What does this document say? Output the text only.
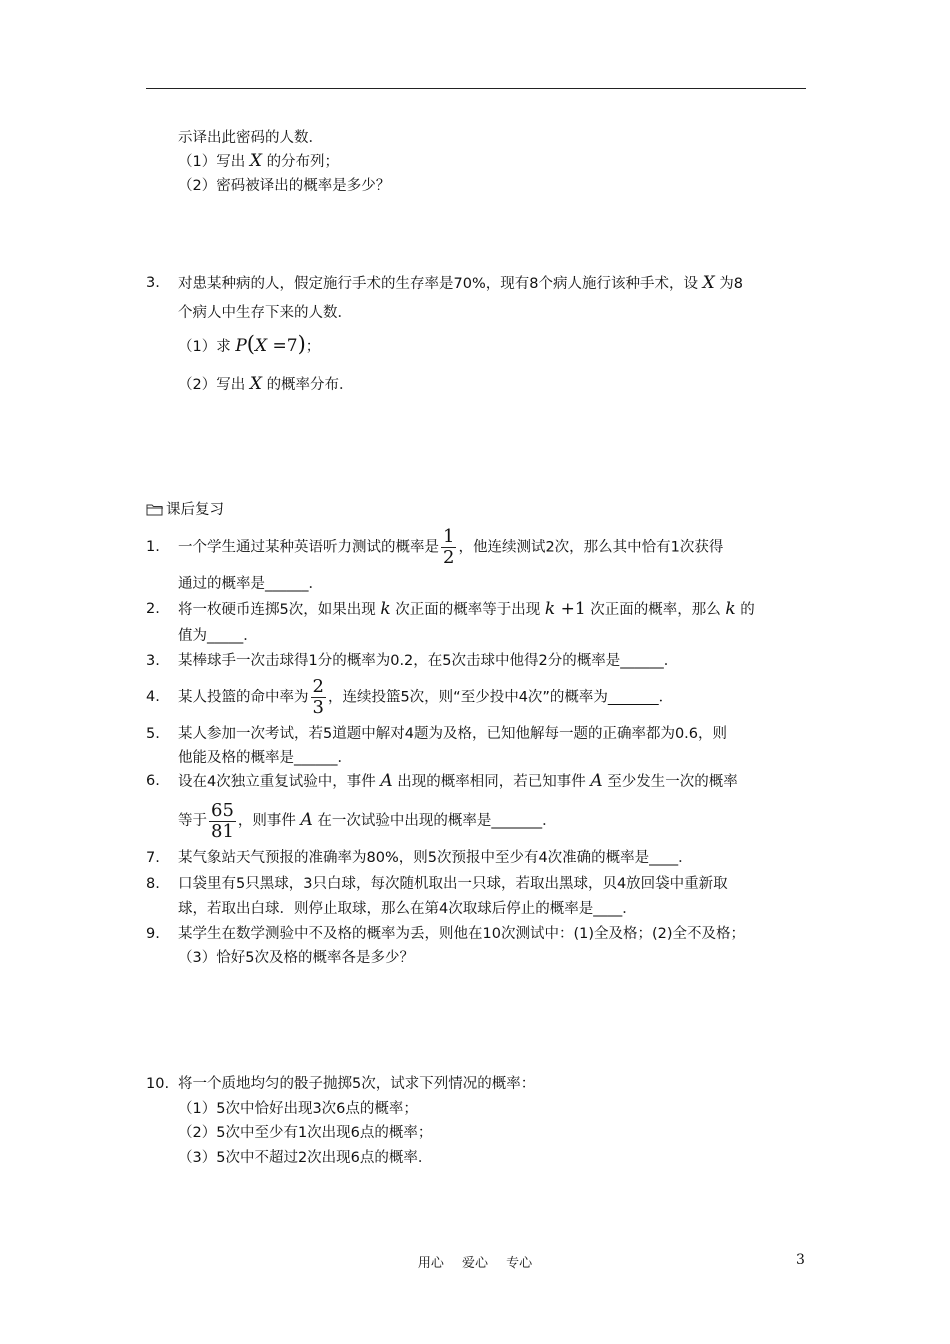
示译出此密码的人数．
（1）写出 X 的分布列；
（2）密码被译出的概率是多少？
3. 对患某种病的人，假定施行手术的生存率是70%，现有8个病人施行该种手术，设 X 为8
个病人中生存下来的人数．
（1）求 P(X =7)；
（2）写出 X 的概率分布．
课后复习
1. 一个学生通过某种英语听力测试的概率是 $\frac{1}{2}$ ，他连续测试2次，那么其中恰有1次获得
通过的概率是______．
2. 将一枚硬币连掷5次，如果出现 k 次正面的概率等于出现 k +1 次正面的概率，那么 k 的
值为_____．
3. 某棒球手一次击球得1分的概率为0.2，在5次击球中他得2分的概率是______．
4. 某人投篮的命中率为 $\frac{2}{3}$ ，连续投篮5次，则“至少投中4次”的概率为_______．
5. 某人参加一次考试，若5道题中解对4题为及格，已知他解每一题的正确率都为0.6，则
他能及格的概率是______．
6. 设在4次独立重复试验中，事件 A 出现的概率相同，若已知事件 A 至少发生一次的概率
等于 $\frac{65}{81}$ ，则事件 A 在一次试验中出现的概率是_______．
7. 某气象站天气预报的准确率为80%，则5次预报中至少有4次准确的概率是____．
8. 口袋里有5只黑球，3只白球，每次随机取出一只球，若取出黑球，贝4放回袋中重新取
球，若取出白球．则停止取球，那么在第4次取球后停止的概率是____．
9. 某学生在数学测验中不及格的概率为丢，则他在10次测试中：(1)全及格；(2)全不及格；
（3）恰好5次及格的概率各是多少？
10. 将一个质地均匀的骰子抛掷5次，试求下列情况的概率：
（1）5次中恰好出现3次6点的概率；
（2）5次中至少有1次出现6点的概率；
（3）5次中不超过2次出现6点的概率．
用心 爱心 专心	3
